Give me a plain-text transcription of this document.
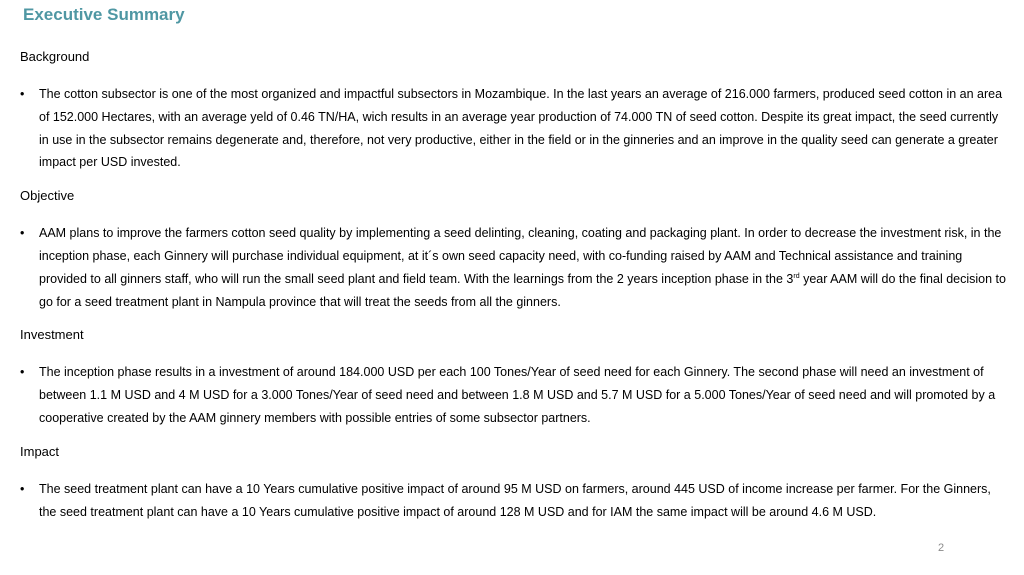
Executive Summary
Background
•	The cotton subsector is one of the most organized and impactful subsectors in Mozambique. In the last years an average of 216.000 farmers, produced seed cotton in an area of 152.000 Hectares, with an average yeld of 0.46 TN/HA, wich results in an average year production of 74.000 TN of seed cotton. Despite its great impact, the seed currently in use in the subsector remains degenerate and, therefore, not very productive, either in the field or in the ginneries and an improve in the quality seed can generate a greater impact per USD invested.
Objective
•	AAM plans to improve the farmers cotton seed quality by implementing a seed delinting, cleaning, coating and packaging plant. In order to decrease the investment risk, in the inception phase, each Ginnery will purchase individual equipment, at it´s own seed capacity need, with co-funding raised by AAM and Technical assistance and training provided to all ginners staff, who will run the small seed plant and field team. With the learnings from the 2 years inception phase in the 3rd year AAM will do the final decision to go for a seed treatment plant in Nampula province that will treat the seeds from all the ginners.
Investment
•	The inception phase results in a investment of around 184.000 USD per each 100 Tones/Year of seed need for each Ginnery. The second phase will need an investment of between 1.1 M USD and 4 M USD for a 3.000 Tones/Year of seed need and between 1.8 M USD and 5.7 M USD for a 5.000 Tones/Year of seed need and will promoted by a cooperative created by the AAM ginnery members with possible entries of some subsector partners.
Impact
•	The seed treatment plant can have a 10 Years cumulative positive impact of around 95 M USD on farmers, around 445 USD of income increase per farmer. For the Ginners, the seed treatment plant can have a 10 Years cumulative positive impact of around 128 M USD and for IAM the same impact will be around 4.6 M USD.
2
